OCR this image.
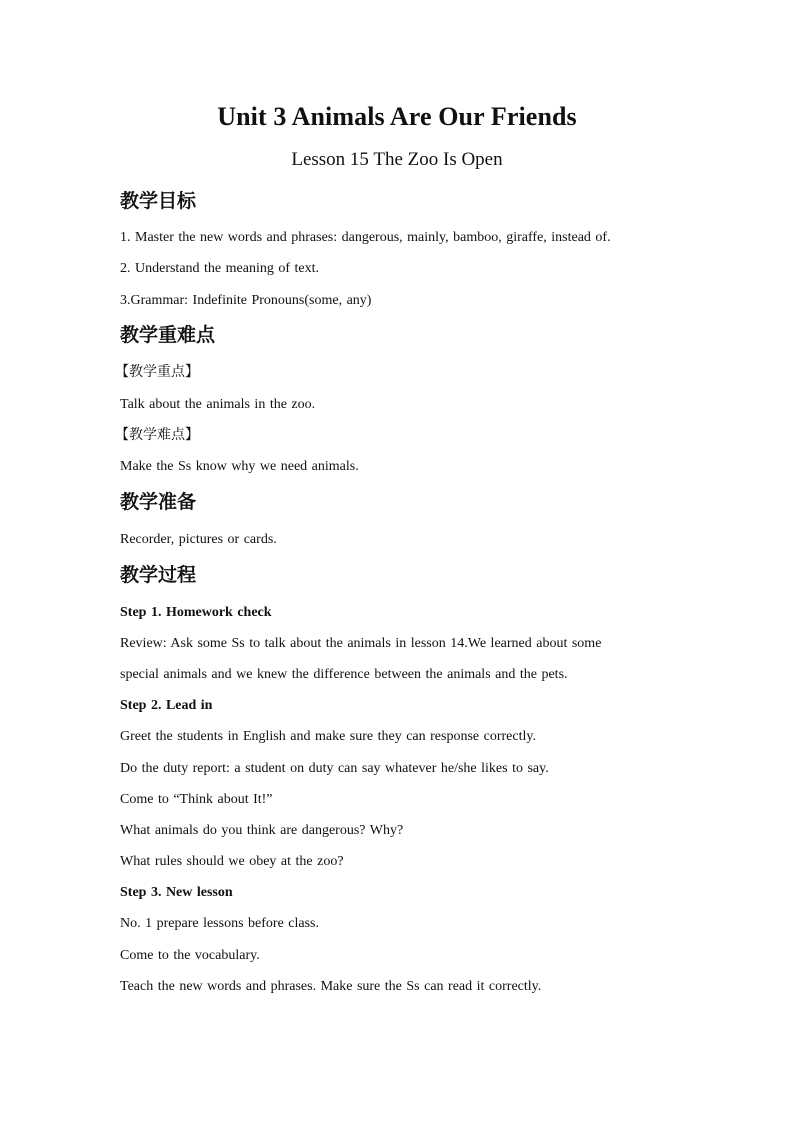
Unit 3 Animals Are Our Friends
Lesson 15 The Zoo Is Open
教学目标
1. Master the new words and phrases: dangerous, mainly, bamboo, giraffe, instead of.
2. Understand the meaning of text.
3.Grammar: Indefinite Pronouns(some, any)
教学重难点
【教学重点】
Talk about the animals in the zoo.
【教学难点】
Make the Ss know why we need animals.
教学准备
Recorder, pictures or cards.
教学过程
Step 1. Homework check
Review: Ask some Ss to talk about the animals in lesson 14.We learned about some
special animals and we knew the difference between the animals and the pets.
Step 2. Lead in
Greet the students in English and make sure they can response correctly.
Do the duty report: a student on duty can say whatever he/she likes to say.
Come to “Think about It!”
What animals do you think are dangerous? Why?
What rules should we obey at the zoo?
Step 3. New lesson
No. 1 prepare lessons before class.
Come to the vocabulary.
Teach the new words and phrases. Make sure the Ss can read it correctly.
